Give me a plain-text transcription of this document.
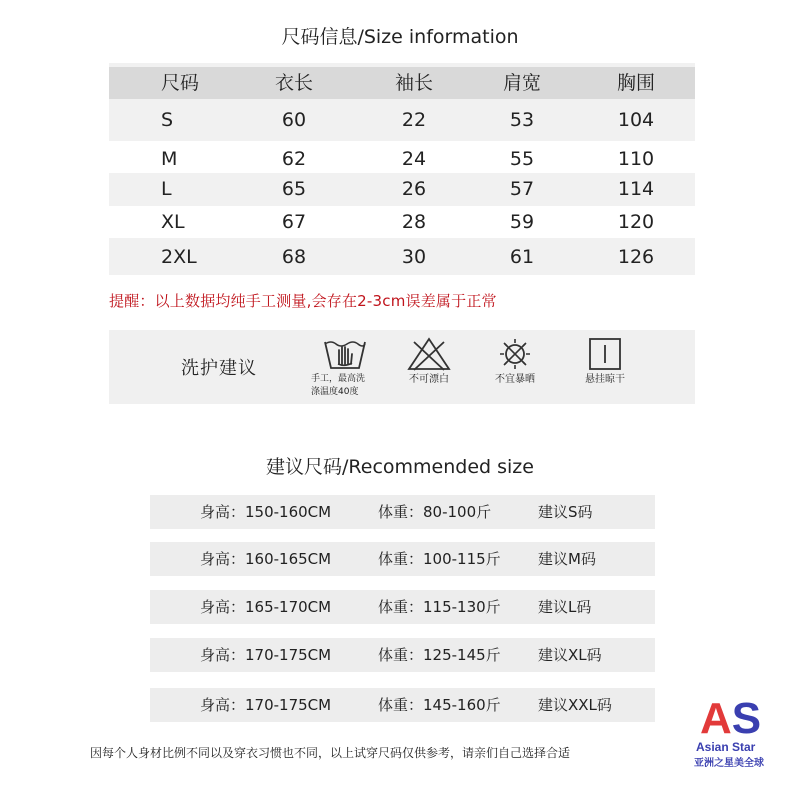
尺码信息/Size information
尺码	衣长	袖长	肩宽	胸围
S	60	22	53	104
M	62	24	55	110
L	65	26	57	114
XL	67	28	59	120
2XL	68	30	61	126
提醒：以上数据均纯手工测量,会存在2-3cm误差属于正常
洗护建议	手工，最高洗
涤温度40度
不可漂白	不宜暴晒	悬挂晾干
建议尺码/Recommended size
身高：150-160CM	体重：80-100斤	建议S码
身高：160-165CM	体重：100-115斤 建议M码
身高：165-170CM	体重：115-130斤 建议L码
身高：170-175CM	体重：125-145斤 建议XL码
身高：170-175CM	体重：145-160斤 建议XXL码
因每个人身材比例不同以及穿衣习惯也不同，以上试穿尺码仅供参考，请亲们自己选择合适
AS
Asian Star
亚洲之星美全球
